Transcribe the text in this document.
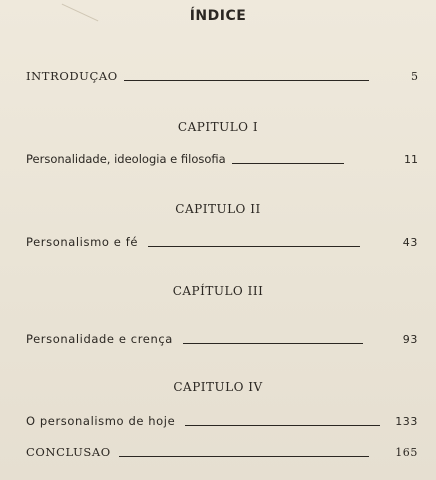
ÍNDICE
INTRODUÇAO	5
CAPITULO I
Personalidade, ideologia e filosofia	11
CAPITULO II
Personalismo e fé	43
CAPÍTULO III
Personalidade e crença	93
CAPITULO IV
O personalismo de hoje	133
CONCLUSAO	165
